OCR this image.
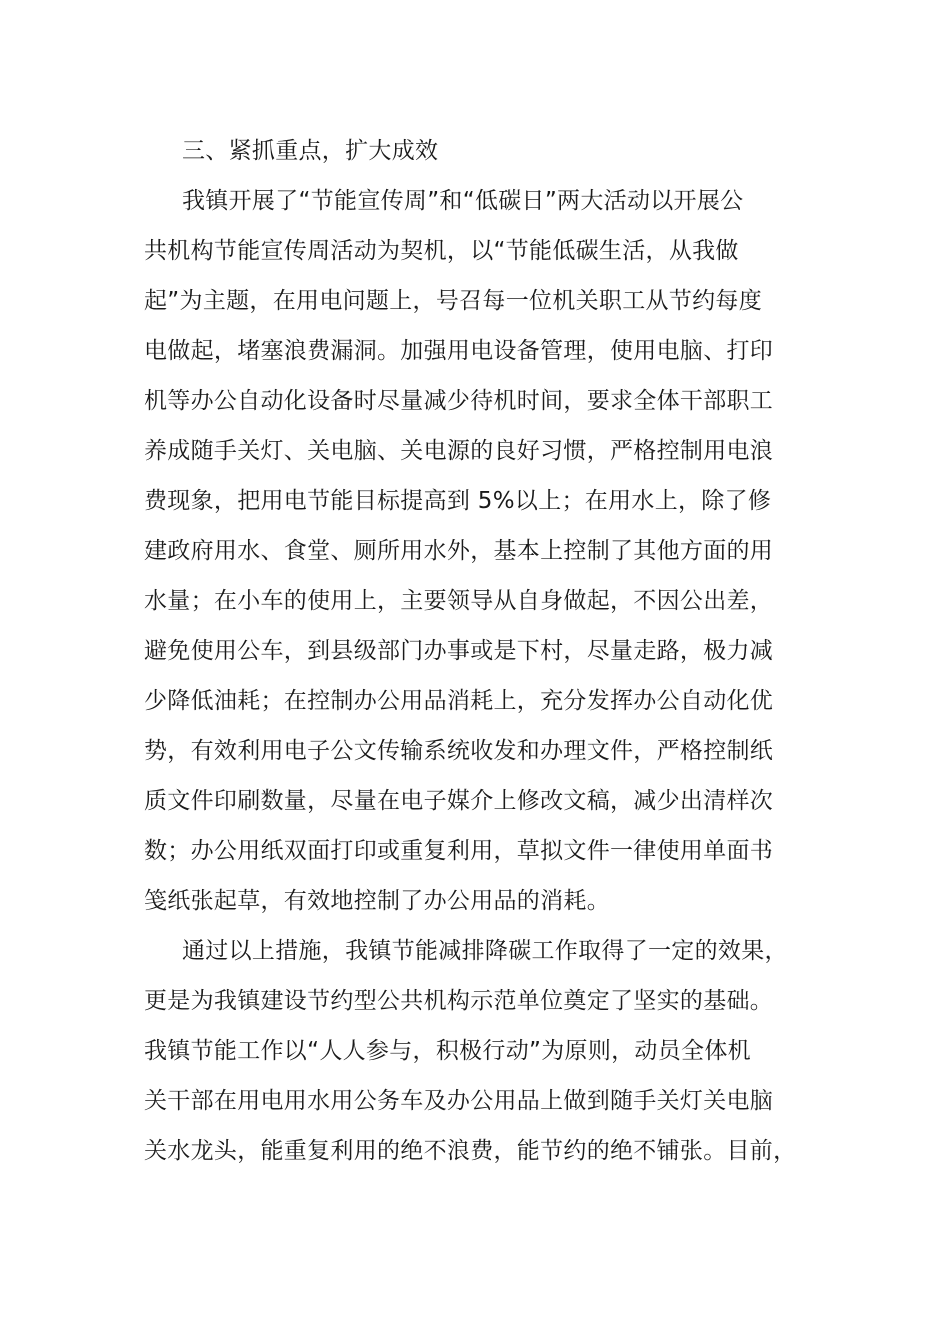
三、紧抓重点，扩大成效
我镇开展了“节能宣传周”和“低碳日”两大活动以开展公
共机构节能宣传周活动为契机，以“节能低碳生活，从我做
起”为主题，在用电问题上，号召每一位机关职工从节约每度
电做起，堵塞浪费漏洞。加强用电设备管理，使用电脑、打印
机等办公自动化设备时尽量减少待机时间，要求全体干部职工
养成随手关灯、关电脑、关电源的良好习惯，严格控制用电浪
费现象，把用电节能目标提高到 5%以上；在用水上，除了修
建政府用水、食堂、厕所用水外，基本上控制了其他方面的用
水量；在小车的使用上，主要领导从自身做起，不因公出差，
避免使用公车，到县级部门办事或是下村，尽量走路，极力减
少降低油耗；在控制办公用品消耗上，充分发挥办公自动化优
势，有效利用电子公文传输系统收发和办理文件，严格控制纸
质文件印刷数量，尽量在电子媒介上修改文稿，减少出清样次
数；办公用纸双面打印或重复利用，草拟文件一律使用单面书
笺纸张起草，有效地控制了办公用品的消耗。
通过以上措施，我镇节能减排降碳工作取得了一定的效果，
更是为我镇建设节约型公共机构示范单位奠定了坚实的基础。
我镇节能工作以“人人参与，积极行动”为原则，动员全体机
关干部在用电用水用公务车及办公用品上做到随手关灯关电脑
关水龙头，能重复利用的绝不浪费，能节约的绝不铺张。目前，
